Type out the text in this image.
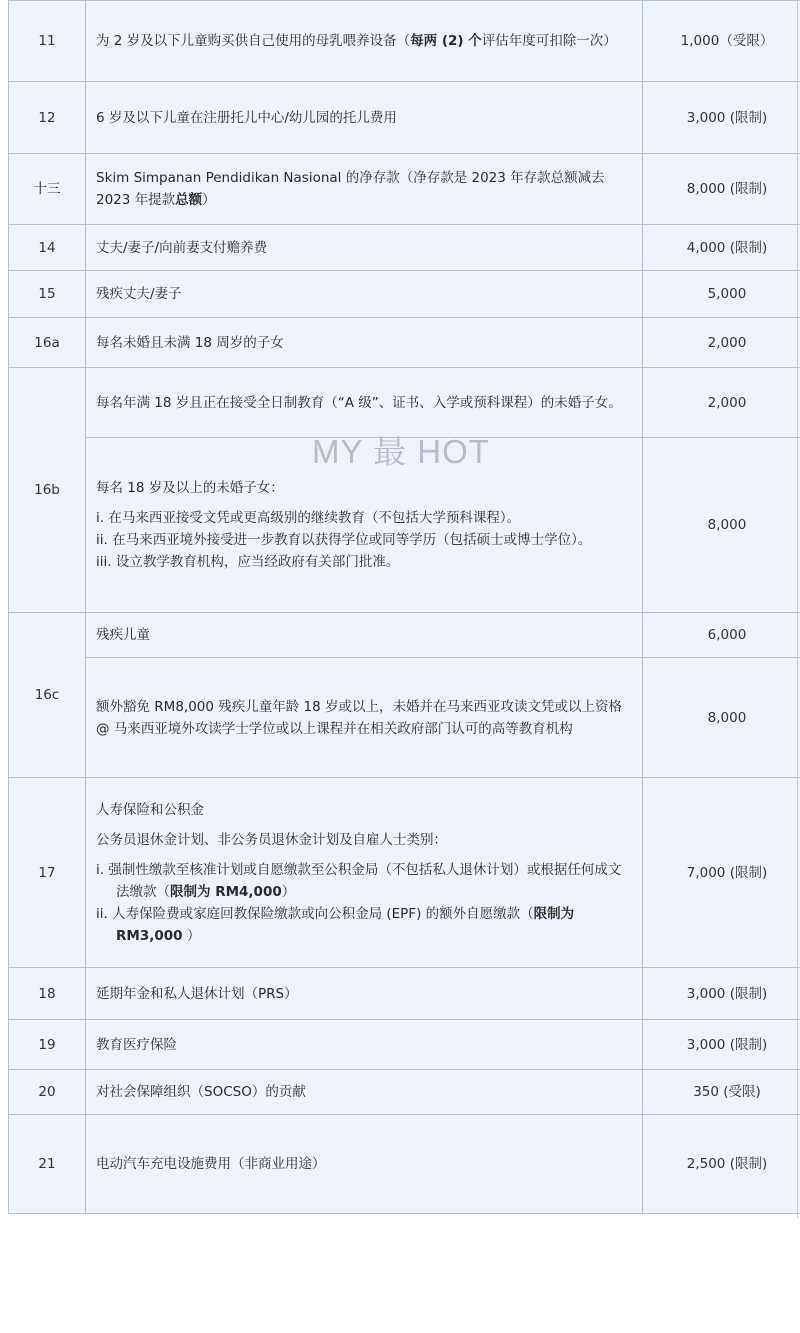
11	为 2 岁及以下儿童购买供自己使用的母乳喂养设备（每两 (2) 个评估年度可扣除一次）	1,000（受限）
12	6 岁及以下儿童在注册托儿中心/幼儿园的托儿费用	3,000 (限制)
十三	Skim Simpanan Pendidikan Nasional 的净存款（净存款是 2023 年存款总额减去 2023 年提款总额）	8,000 (限制)
14	丈夫/妻子/向前妻支付赡养费	4,000 (限制)
15	残疾丈夫/妻子	5,000
16a	每名未婚且未满 18 周岁的子女	2,000
16b	每名年满 18 岁且正在接受全日制教育（“A 级”、证书、入学或预科课程）的未婚子女。	2,000

	每名 18 岁及以上的未婚子女：
i. 在马来西亚接受文凭或更高级别的继续教育（不包括大学预科课程）。
ii. 在马来西亚境外接受进一步教育以获得学位或同等学历（包括硕士或博士学位）。
iii. 设立教学教育机构，应当经政府有关部门批准。	8,000
16c	残疾儿童	6,000
	额外豁免 RM8,000 残疾儿童年龄 18 岁或以上，未婚并在马来西亚攻读文凭或以上资格 @ 马来西亚境外攻读学士学位或以上课程并在相关政府部门认可的高等教育机构	8,000
17	人寿保险和公积金
公务员退休金计划、非公务员退休金计划及自雇人士类别：
i. 强制性缴款至核准计划或自愿缴款至公积金局（不包括私人退休计划）或根据任何成文法缴款（限制为 RM4,000）
ii. 人寿保险费或家庭回教保险缴款或向公积金局 (EPF) 的额外自愿缴款（限制为 RM3,000 ）	7,000 (限制)
18	延期年金和私人退休计划（PRS）	3,000 (限制)
19	教育医疗保险	3,000 (限制)
20	对社会保障组织（SOCSO）的贡献	350 (受限)
21	电动汽车充电设施费用（非商业用途）	2,500 (限制)
MY 最 HOT
